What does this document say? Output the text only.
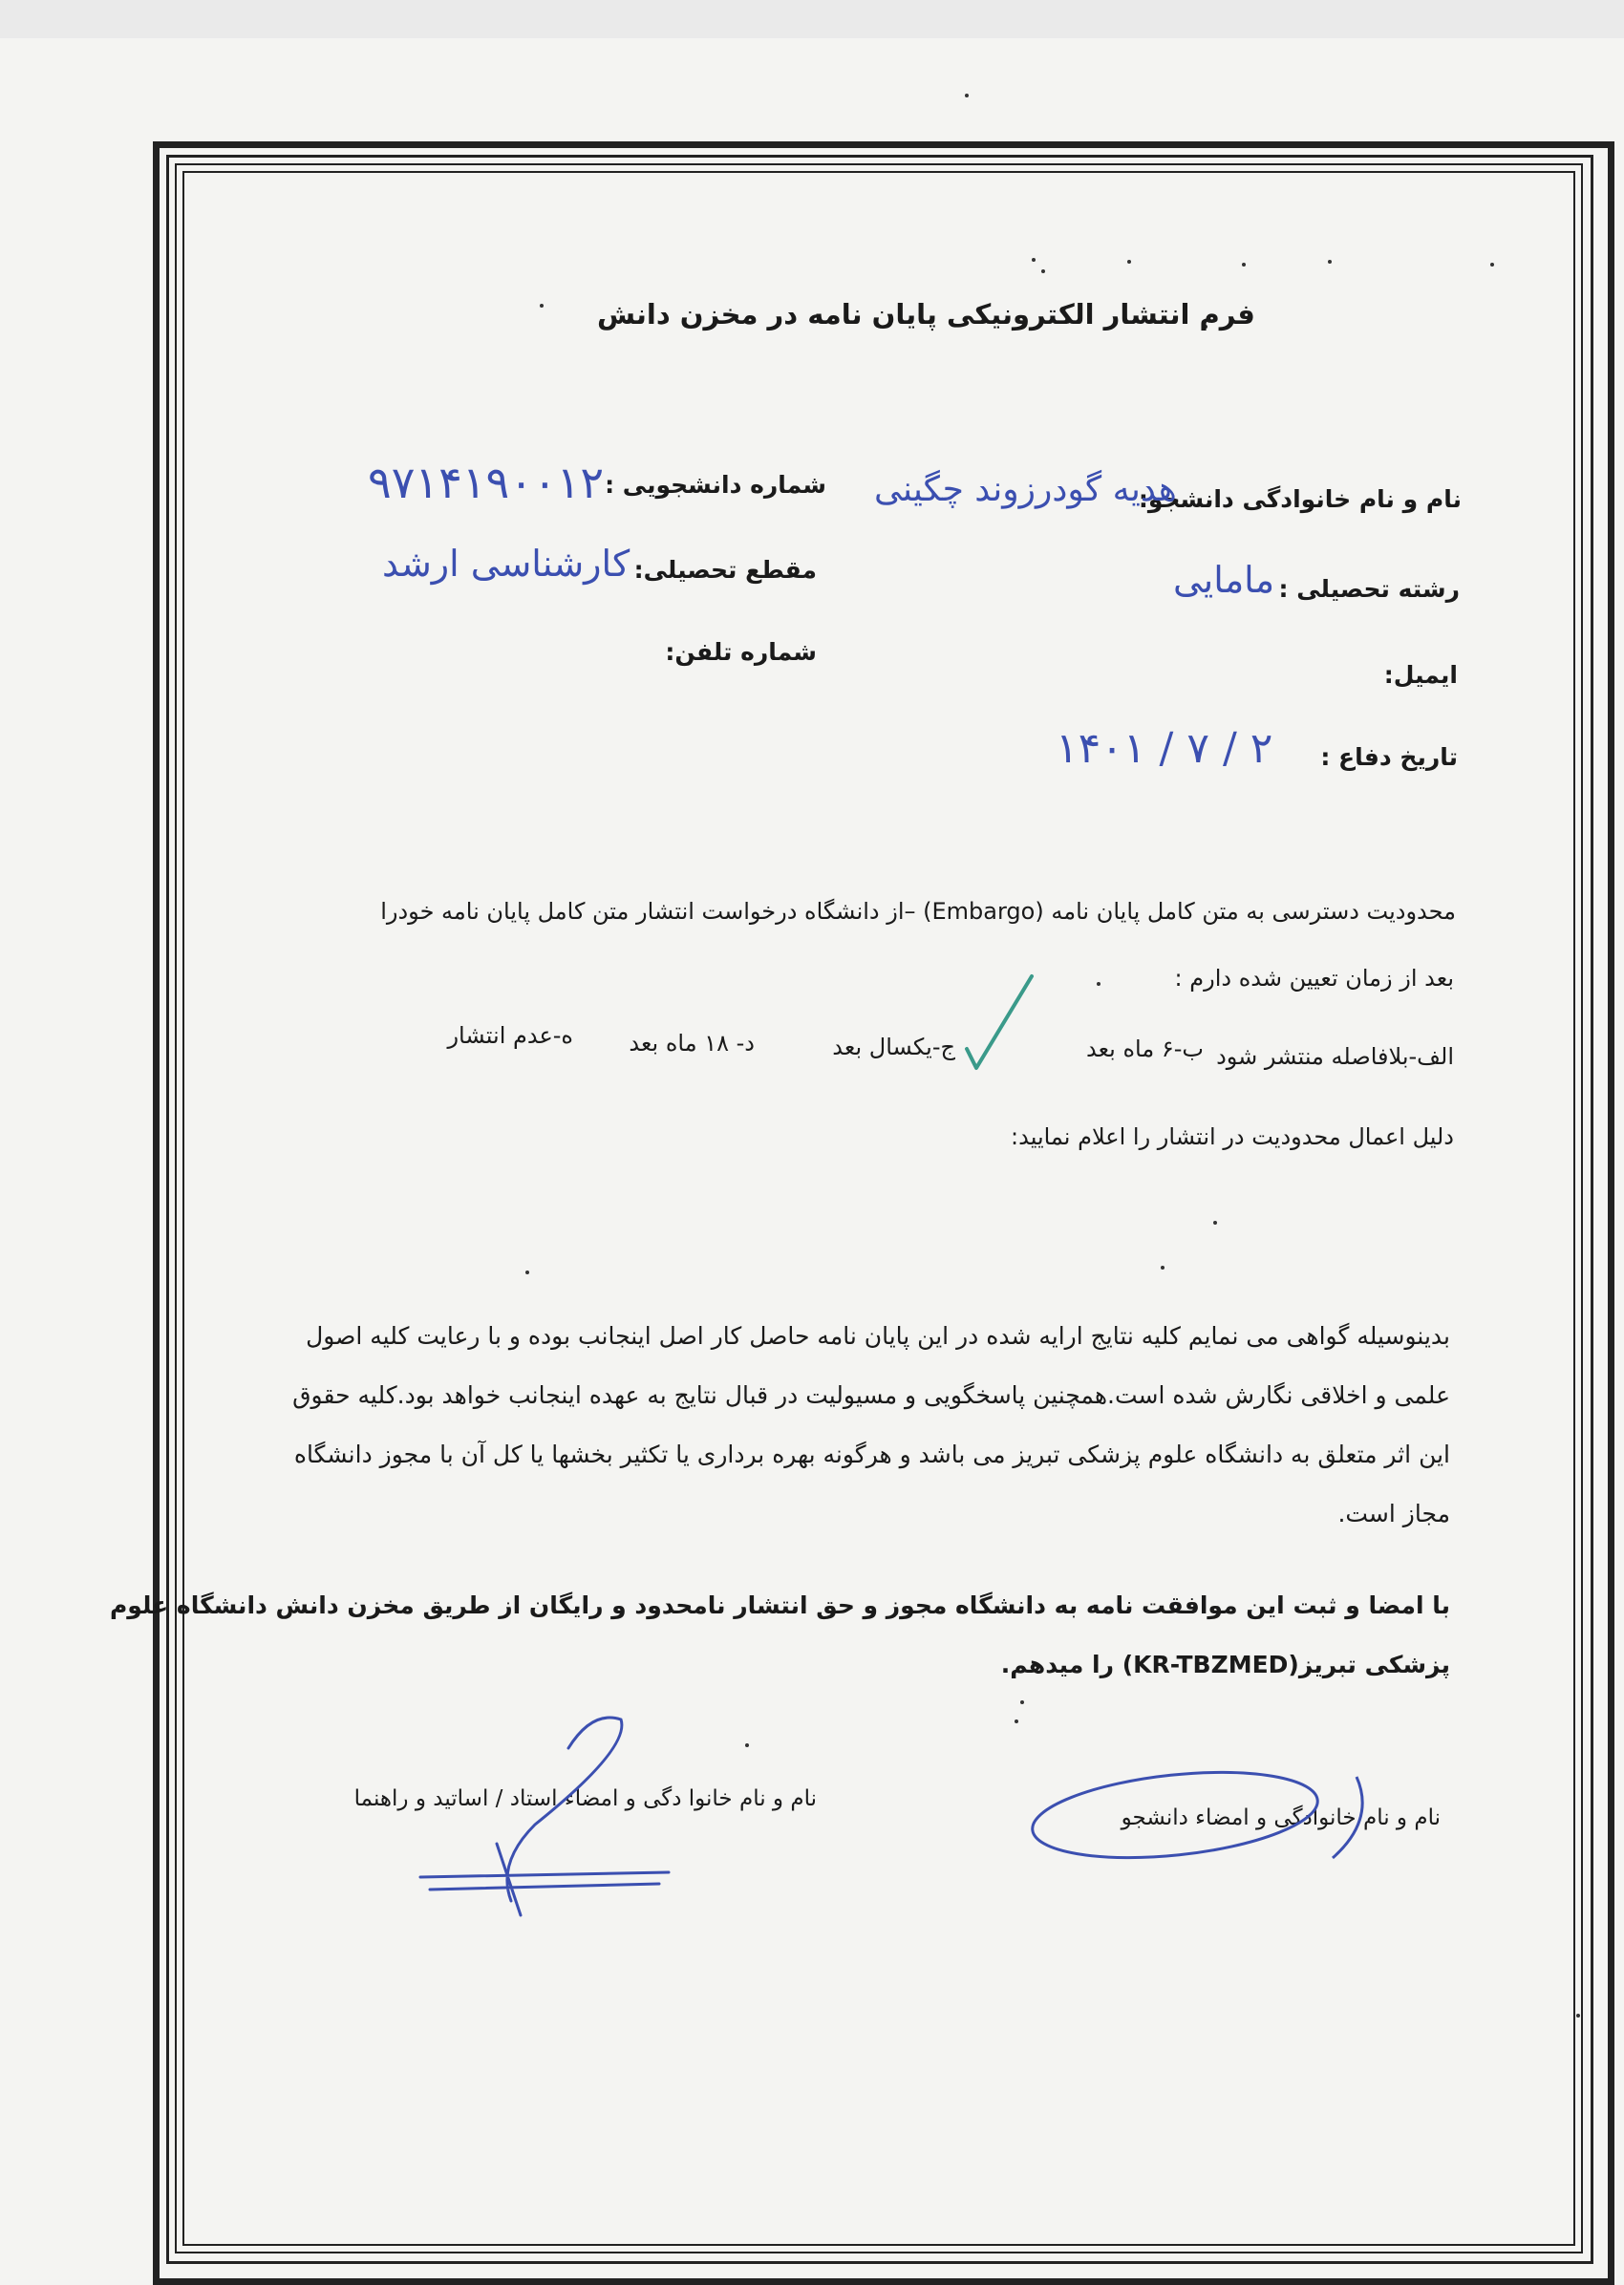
فرم انتشار الکترونیکی پایان نامه در مخزن دانش
نام و نام خانوادگی دانشجو:
هدیه گودرزوند چگینی
شماره دانشجویی :
۹۷۱۴۱۹۰۰۱۲
رشته تحصیلی :
مامایی
مقطع تحصیلی:
کارشناسی ارشد
شماره تلفن:
ایمیل:
تاریخ دفاع :
۱۴۰۱ / ۷ / ۲
محدودیت دسترسی به متن کامل پایان نامه (Embargo) –از دانشگاه درخواست انتشار متن کامل پایان نامه خودرا
بعد از زمان تعیین شده دارم :
الف-بلافاصله منتشر شود
ب-۶ ماه بعد
ج-یکسال بعد
د- ۱۸ ماه بعد
ه-عدم انتشار
دلیل اعمال محدودیت در انتشار را اعلام نمایید:
بدینوسیله گواهی می نمایم کلیه نتایج ارایه شده در این پایان نامه حاصل کار اصل اینجانب بوده و با رعایت کلیه اصول
علمی و اخلاقی نگارش شده است.همچنین پاسخگویی و مسیولیت در قبال نتایج به عهده اینجانب خواهد بود.کلیه حقوق
این اثر متعلق به دانشگاه علوم پزشکی تبریز می باشد و هرگونه بهره برداری یا تکثیر بخشها یا کل آن با مجوز دانشگاه
مجاز است.
با امضا و ثبت این موافقت نامه به دانشگاه مجوز و حق انتشار نامحدود و رایگان از طریق مخزن دانش دانشگاه علوم
پزشکی تبریز(KR-TBZMED) را میدهم.
نام و نام خانوادگی و امضاء دانشجو
نام و نام خانوا دگی و امضاء استاد / اساتید و راهنما
